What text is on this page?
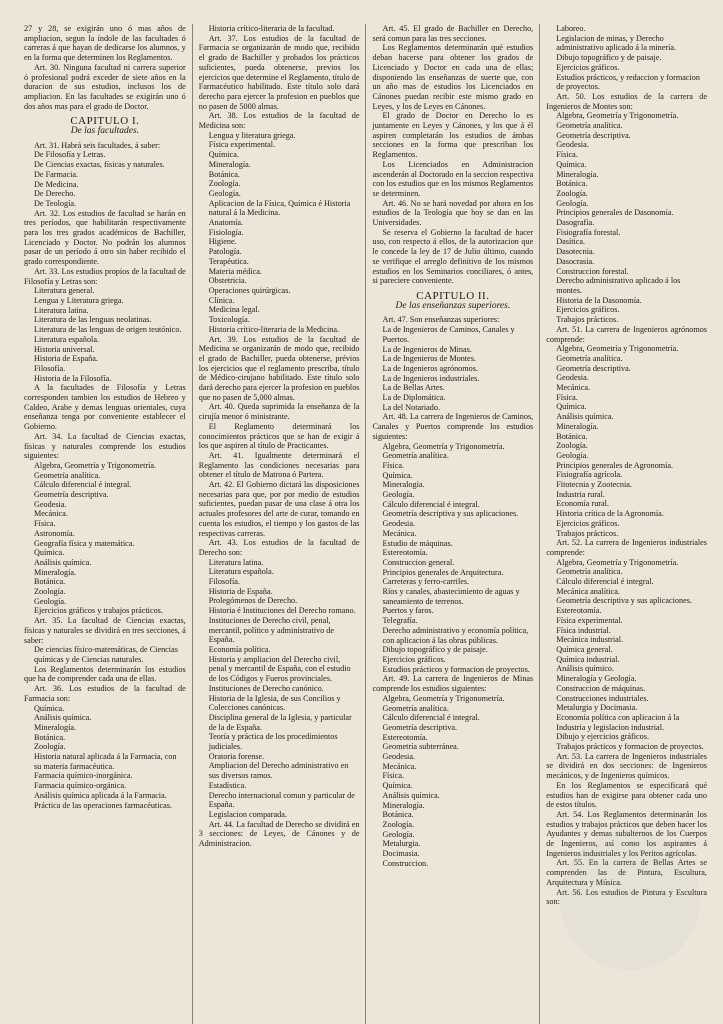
27 y 28, se exigirán uno ó mas años de ampliacion, segun la índole de las facultades ó carreras á que hayan de dedicarse los alumnos, y en la forma que determinen los Reglamentos.

Art. 30. Ninguna facultad ni carrera superior ó profesional podrá exceder de siete años en la duracion de sus estudios, inclusos los de ampliacion. En las facultades se exigirán uno ó dos años mas para el grado de Doctor.

CAPITULO I.
De las facultades.

Art. 31. Habrá seis facultades, á saber:

De Filosofía y Letras.

De Ciencias exactas, físicas y naturales.

De Farmacia.

De Medicina.

De Derecho.

De Teología.

Art. 32. Los estudios de facultad se harán en tres períodos, que habilitarán respectivamente para los tres grados académicos de Bachiller, Licenciado y Doctor. No podrán los alumnos pasar de un período á otro sin haber recibido el grado correspondiente.

Art. 33. Los estudios propios de la facultad de Filosofía y Letras son:

Literatura general.

Lengua y Literatura griega.

Literatura latina.

Literatura de las lenguas neolatinas.

Literatura de las lenguas de origen teutónico.

Literatura española.

Historia universal.

Historia de España.

Filosofía.

Historia de la Filosofía.

A la facultades de Filosofía y Letras corresponden tambien los estudios de Hebreo y Caldeo, Arabe y demas lenguas orientales, cuya enseñanza tenga por conveniente establecer el Gobierno.

Art. 34. La facultad de Ciencias exactas, físicas y naturales comprende los estudios siguientes:

Algebra, Geometría y Trigonometría.

Geometría analítica.

Cálculo diferencial é integral.

Geometría descriptiva.

Geodesia.

Mecánica.

Física.

Astronomía.

Geografía física y matemática.

Química.

Análisis química.

Mineralogía.

Botánica.

Zoología.

Geología.

Ejercicios gráficos y trabajos prácticos.

Art. 35. La facultad de Ciencias exactas, físicas y naturales se dividirá en tres secciones, á saber:

De ciencias físico-matemáticas, de Ciencias químicas y de Ciencias naturales.

Los Reglamentos determinarán los estudios que ha de comprender cada una de ellas.

Art. 36. Los estudios de la facultad de Farmacia son:

Química.

Análisis química.

Mineralogía.

Botánica.

Zoología.

Historia natural aplicada á la Farmacia, con su materia farmacéutica.

Farmacia químico-inorgánica.

Farmacia químico-orgánica.

Análisis química aplicada á la Farmacia.

Práctica de las operaciones farmacéuticas.

Historia crítico-literaria de la facultad.

Art. 37. Los estudios de la facultad de Farmacia se organizarán de modo que, recibido el grado de Bachiller y probados los prácticos suficientes, pueda obtenerse, previos los ejercicios que determine el Reglamento, título de Farmacéutico habilitado. Este título solo dará derecho para ejercer la profesion en pueblos que no pasen de 5000 almas.

Art. 38. Los estudios de la facultad de Medicina son:

Lengua y literatura griega.

Física experimental.

Química.

Mineralogía.

Botánica.

Zoología.

Geología.

Aplicacion de la Física, Química é Historia natural á la Medicina.

Anatomía.

Fisiología.

Higiene.

Patología.

Terapéutica.

Materia médica.

Obstetricia.

Operaciones quirúrgicas.

Clínica.

Medicina legal.

Toxicología.

Historia crítico-literaria de la Medicina.

Art. 39. Los estudios de la facultad de Medicina se organizarán de modo que, recibido el grado de Bachiller, pueda obtenerse, prévios los ejercicios que el reglamento prescriba, título de Médico-cirujano habilitado. Este título solo dará derecho para ejercer la profesion en pueblos que no pasen de 5,000 almas.

Art. 40. Queda suprimida la enseñanza de la cirujía menor ó ministrante.

El Reglamento determinará los conocimientos prácticos que se han de exigir á los que aspiren al título de Practicantes.

Art. 41. Igualmente determinará el Reglamento las condiciones necesarias para obtener el título de Matrona ó Partera.

Art. 42. El Gobierno dictará las disposiciones necesarias para que, por por medio de estudios suficientes, puedan pasar de una clase á otra los actuales profesores del arte de curar, tomando en cuenta los estudios, el tiempo y los gastos de las respectivas carreras.

Art. 43. Los estudios de la facultad de Derecho son:

Literatura latina.

Literatura española.

Filosofía.

Historia de España.

Prolegómenos de Derecho.

Historia é Instituciones del Derecho romano.

Instituciones de Derecho civil, penal, mercantil, político y administrativo de España.

Economía política.

Historia y ampliacion del Derecho civil, penal y mercantil de España, con el estudio de los Códigos y Fueros provinciales.

Instituciones de Derecho canónico.

Historia de la Iglesia, de sus Concilios y Colecciones canónicas.

Disciplina general de la Iglesia, y particular de la de España.

Teoría y práctica de los procedimientos judiciales.

Oratoria forense.

Ampliacion del Derecho administrativo en sus diversos ramos.

Estadística.

Derecho internacional comun y particular de España.

Legislacion comparada.

Art. 44. La facultad de Derecho se dividirá en 3 secciones: de Leyes, de Cánones y de Administracion.

Art. 45. El grado de Bachiller en Derecho, será comun para las tres secciones.

Los Reglamentos determinarán qué estudios deban hacerse para obtener los grados de Licenciado y Doctor en cada una de ellas; disponiendo las enseñanzas de suerte que, con un año mas de estudios los Licenciados en Cánones puedan recibir este mismo grado en Leyes, y los de Leyes en Cánones.

El grado de Doctor en Derecho lo es juntamente en Leyes y Cánones, y los que á él aspiren completarán los estudios de ámbas secciones en la forma que prescriban los Reglamentos.

Los Licenciados en Administracion ascenderán al Doctorado en la seccion respectiva con los estudios que en los mismos Reglamentos se determinen.

Art. 46. No se hará novedad por ahora en los estudios de la Teología que hoy se dan en las Universidades.

Se reserva el Gobierno la facultad de hacer uso, con respecto á ellos, de la autorizacion que le concede la ley de 17 de Julio último, cuando se verifique el arreglo definitivo de los mismos estudios en los Seminarios conciliares, ó antes, si pareciere conveniente.

CAPITULO II.
De las enseñanzas superiores.

Art. 47. Son enseñanzas superiores:

La de Ingenieros de Caminos, Canales y Puertos.

La de Ingenieros de Minas.

La de Ingenieros de Montes.

La de Ingenieros agrónomos.

La de Ingenieros industriales.

La de Bellas Artes.

La de Diplomática.

La del Notariado.

Art. 48. La carrera de Ingenieros de Caminos, Canales y Puertos comprende los estudios siguientes:

Algebra, Geometría y Trigonometría.

Geometría analítica.

Física.

Química.

Mineralogía.

Geología.

Cálculo diferencial é integral.

Geometría descriptiva y sus aplicaciones.

Geodesia.

Mecánica.

Estudio de máquinas.

Estereotomía.

Construccion general.

Principios generales de Arquitectura.

Carreteras y ferro-carriles.

Ríos y canales, abastecimiento de aguas y saneamiento de terrenos.

Puertos y faros.

Telegrafía.

Derecho administrativo y economía política, con aplicacion á las obras públicas.

Dibujo topográfico y de paisaje.

Ejercicios gráficos.

Estudios prácticos y formacion de proyectos.

Art. 49. La carrera de Ingenieros de Minas comprende los estudios siguientes:

Algebra, Geometría y Trigonometría.

Geometría analítica.

Cálculo diferencial é integral.

Geometría descriptiva.

Estereotomía.

Geometría subterránea.

Geodesia.

Mecánica.

Física.

Química.

Análisis química.

Mineralogía.

Botánica.

Zoología.

Geología.

Metalurgia.

Docimasia.

Construccion.

Laboreo.

Legislacion de minas, y Derecho administrativo aplicado á la minería.

Dibujo topográfico y de paisaje.

Ejercicios gráficos.

Estudios prácticos, y redaccion y formacion de proyectos.

Art. 50. Los estudios de la carrera de Ingenieros de Montes son:

Algebra, Geometría y Trigonometría.

Geometría analítica.

Geometría descriptiva.

Geodesia.

Física.

Química.

Mineralogía.

Botánica.

Zoología.

Geología.

Principios generales de Dasonomía.

Dasografía.

Fisiografía forestal.

Dasítica.

Dasotecnia.

Dasocrasia.

Construccion forestal.

Derecho administrativo aplicado á los montes.

Historia de la Dasonomía.

Ejercicios gráficos.

Trabajos prácticos.

Art. 51. La carrera de Ingenieros agrónomos comprende:

Algebra, Geometría y Trigonometría.

Geometría analítica.

Geometría descriptiva.

Geodesia.

Mecánica.

Física.

Química.

Análisis química.

Mineralogía.

Botánica.

Zoología.

Geología.

Principios generales de Agronomía.

Fisiografía agrícola.

Fitotecnia y Zootecnia.

Industria rural.

Economía rural.

Historia crítica de la Agronomía.

Ejercicios gráficos.

Trabajos prácticos.

Art. 52. La carrera de Ingenieros industriales comprende:

Algebra, Geometría y Trigonometría.

Geometría analítica.

Cálculo diferencial é integral.

Mecánica analítica.

Geometría descriptiva y sus aplicaciones.

Estereotomía.

Física experimental.

Física industrial.

Mecánica industrial.

Química general.

Química industrial.

Análisis químico.

Mineralogía y Geología.

Construccion de máquinas.

Construcciones industriales.

Metalurgia y Docimasia.

Economía política con aplicacion á la Industria y legislacion industrial.

Dibujo y ejercicios gráficos.

Trabajos prácticos y formacion de proyectos.

Art. 53. La carrera de Ingenieros industriales se dividirá en dos secciones: de Ingenieros mecánicos, y de Ingenieros químicos.

En los Reglamentos se especificará qué estudios han de exigirse para obtener cada uno de estos títulos.

Art. 54. Los Reglamentos determinarán los estudios y trabajos prácticos que deben hacer los Ayudantes y demas subalternos de los Cuerpos de Ingenieros, así como los aspirantes á Ingenieros industriales y los Peritos agrícolas.

Art. 55. En la carrera de Bellas Artes se comprenden las de Pintura, Escultura, Arquitectura y Música.

Art. 56. Los estudios de Pintura y Escultura son:
